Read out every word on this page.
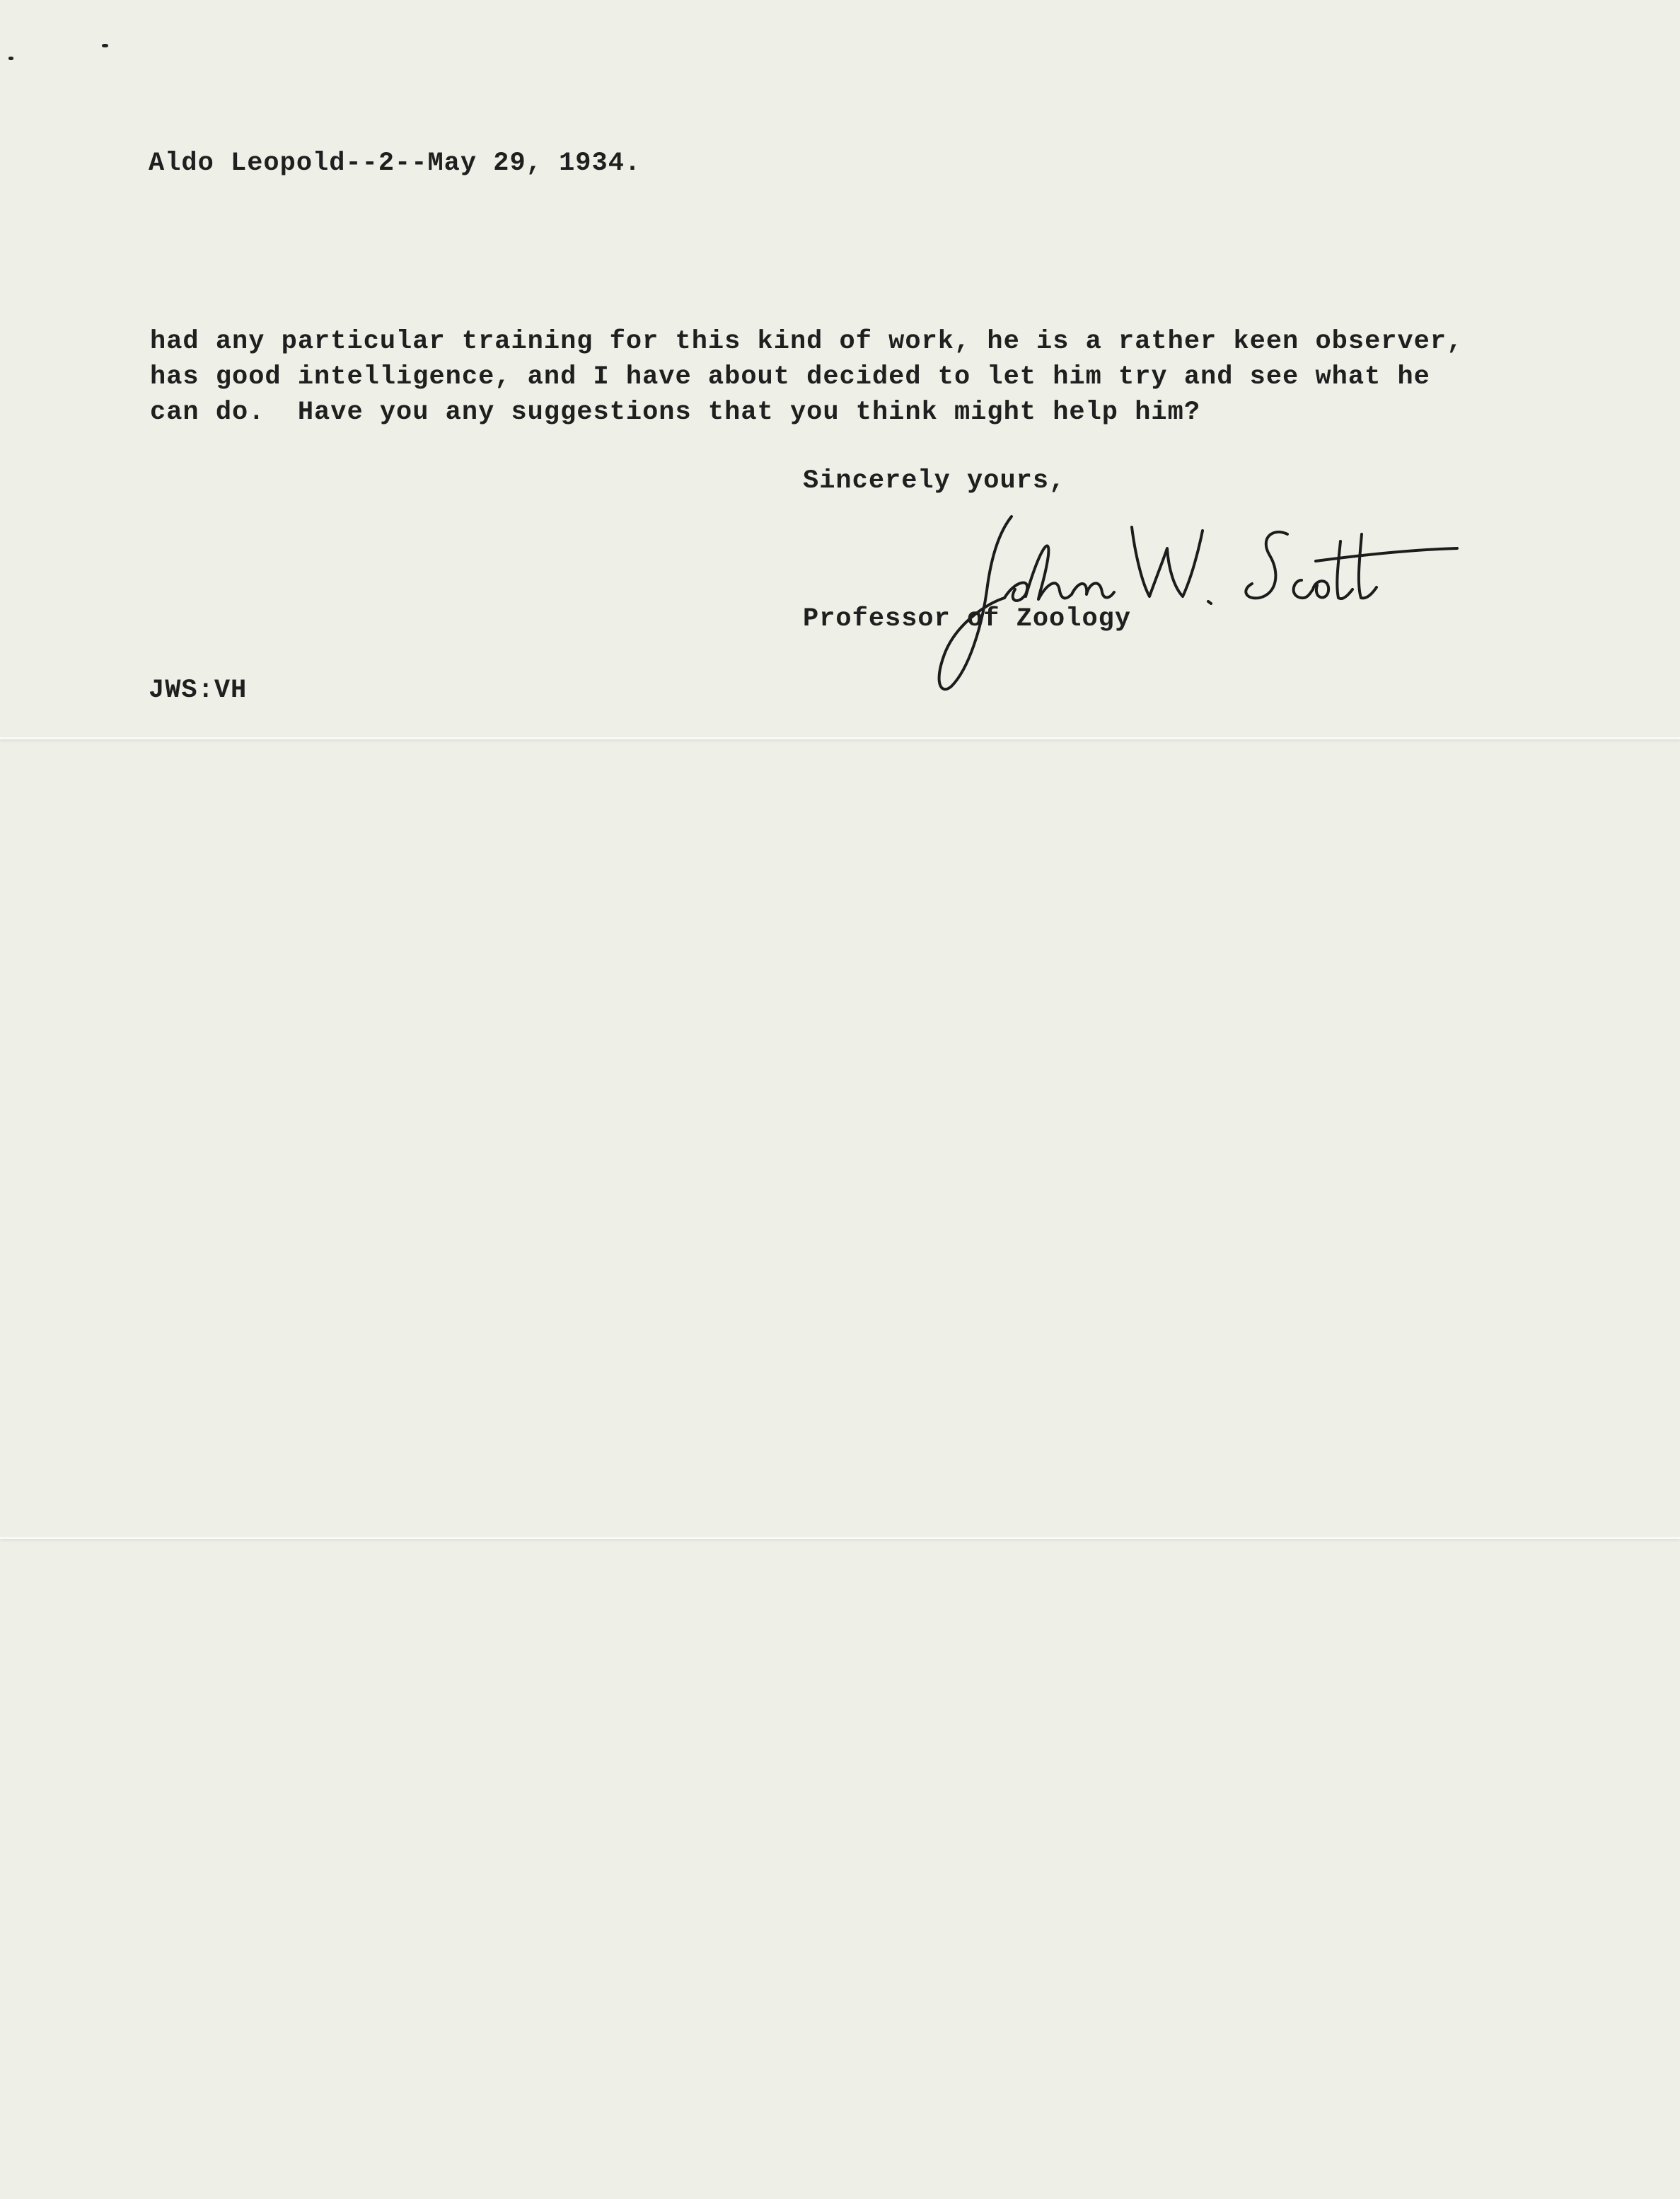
Aldo Leopold--2--May 29, 1934.
had any particular training for this kind of work, he is a rather keen observer,
has good intelligence, and I have about decided to let him try and see what he
can do.  Have you any suggestions that you think might help him?
Sincerely yours,
Professor of Zoology
JWS:VH
